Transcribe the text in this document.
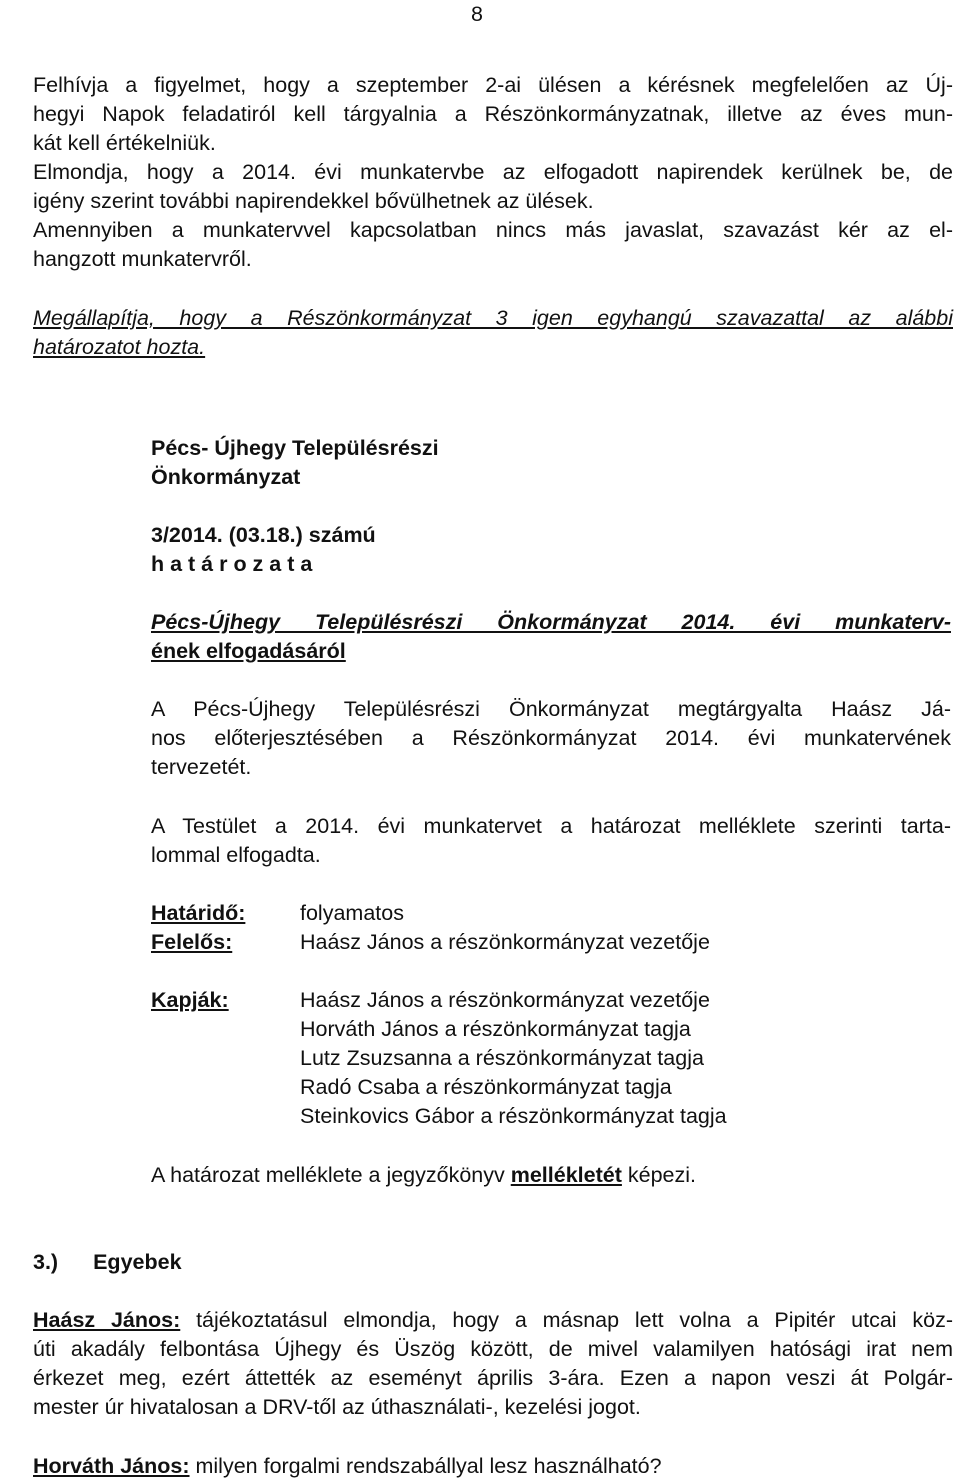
8
Felhívja a figyelmet, hogy a szeptember 2-ai ülésen a kérésnek megfelelően az Új-
hegyi Napok feladatiról kell tárgyalnia a Részönkormányzatnak, illetve az éves mun-
kát kell értékelniük.
Elmondja, hogy a 2014. évi munkatervbe az elfogadott napirendek kerülnek be, de
igény szerint további napirendekkel bővülhetnek az ülések.
Amennyiben a munkatervvel kapcsolatban nincs más javaslat, szavazást kér az el-
hangzott munkatervről.
Megállapítja, hogy a Részönkormányzat 3 igen egyhangú szavazattal az alábbi
határozatot hozta.
Pécs- Újhegy Településrészi
Önkormányzat
3/2014. (03.18.) számú
h a t á r o z a t a
Pécs-Újhegy Településrészi Önkormányzat 2014. évi munkaterv-
ének elfogadásáról
A Pécs-Újhegy Településrészi Önkormányzat megtárgyalta Haász Já-
nos előterjesztésében a Részönkormányzat 2014. évi munkatervének
tervezetét.
A Testület a 2014. évi munkatervet a határozat melléklete szerinti tarta-
lommal elfogadta.
Határidő:	folyamatos
Felelős:	Haász János a részönkormányzat vezetője
Kapják:	Haász János a részönkormányzat vezetője
Horváth János a részönkormányzat tagja
Lutz Zsuzsanna a részönkormányzat tagja
Radó Csaba a részönkormányzat tagja
Steinkovics Gábor a részönkormányzat tagja
A határozat melléklete a jegyzőkönyv mellékletét képezi.
3.) Egyebek
Haász János: tájékoztatásul elmondja, hogy a másnap lett volna a Pipitér utcai köz-
úti akadály felbontása Újhegy és Üszög között, de mivel valamilyen hatósági irat nem
érkezet meg, ezért áttették az eseményt április 3-ára. Ezen a napon veszi át Polgár-
mester úr hivatalosan a DRV-től az úthasználati-, kezelési jogot.
Horváth János: milyen forgalmi rendszabállyal lesz használható?
